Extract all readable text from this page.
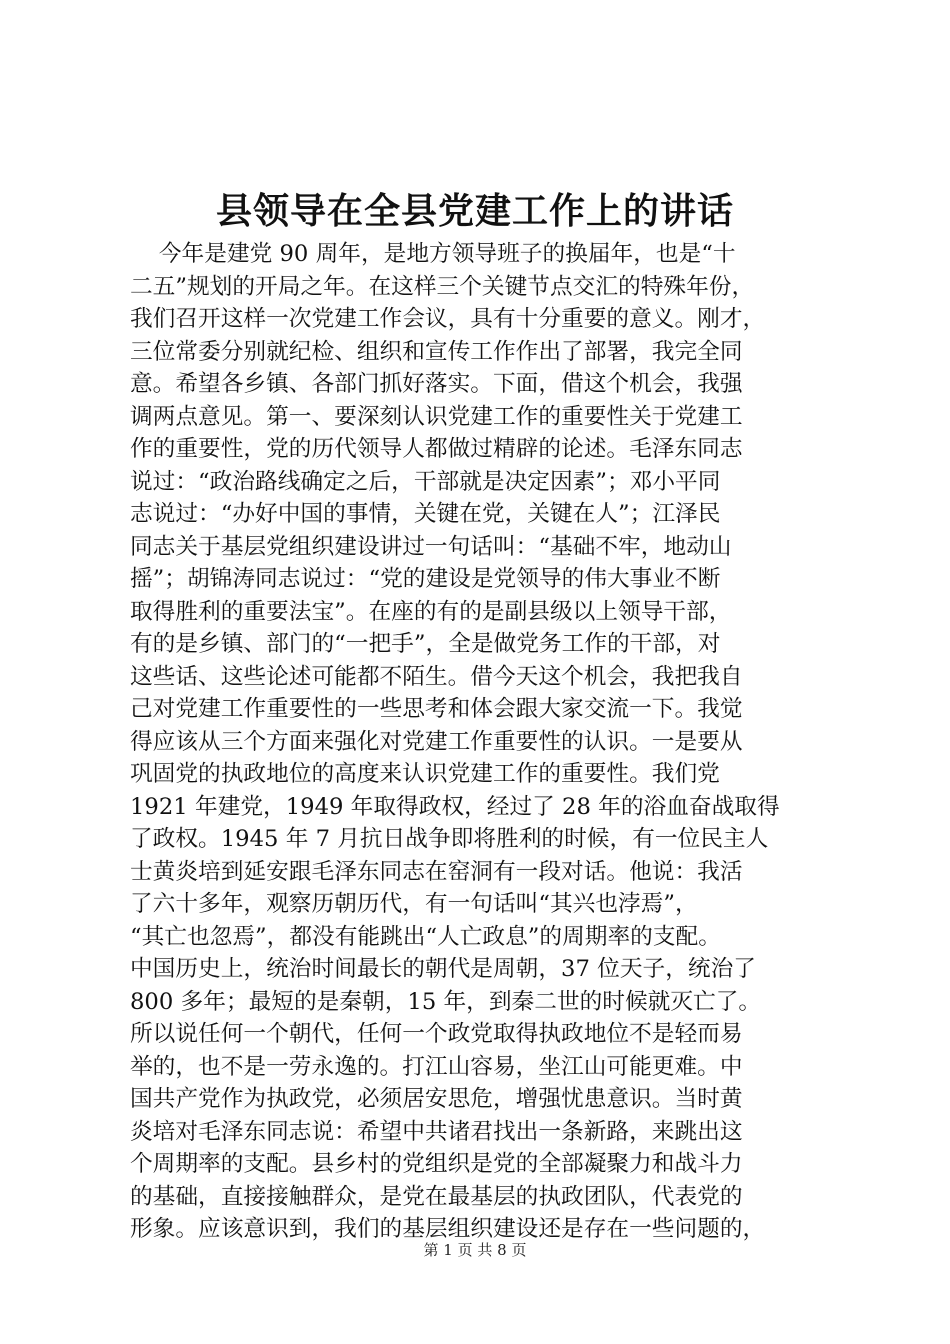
县领导在全县党建工作上的讲话
今年是建党 90 周年，是地方领导班子的换届年，也是“十
二五”规划的开局之年。在这样三个关键节点交汇的特殊年份，
我们召开这样一次党建工作会议，具有十分重要的意义。刚才，
三位常委分别就纪检、组织和宣传工作作出了部署，我完全同
意。希望各乡镇、各部门抓好落实。下面，借这个机会，我强
调两点意见。第一、要深刻认识党建工作的重要性关于党建工
作的重要性，党的历代领导人都做过精辟的论述。毛泽东同志
说过：“政治路线确定之后，干部就是决定因素”；邓小平同
志说过：“办好中国的事情，关键在党，关键在人”；江泽民
同志关于基层党组织建设讲过一句话叫：“基础不牢，地动山
摇”；胡锦涛同志说过：“党的建设是党领导的伟大事业不断
取得胜利的重要法宝”。在座的有的是副县级以上领导干部，
有的是乡镇、部门的“一把手”，全是做党务工作的干部，对
这些话、这些论述可能都不陌生。借今天这个机会，我把我自
己对党建工作重要性的一些思考和体会跟大家交流一下。我觉
得应该从三个方面来强化对党建工作重要性的认识。一是要从
巩固党的执政地位的高度来认识党建工作的重要性。我们党
1921 年建党，1949 年取得政权，经过了 28 年的浴血奋战取得
了政权。1945 年 7 月抗日战争即将胜利的时候，有一位民主人
士黄炎培到延安跟毛泽东同志在窑洞有一段对话。他说：我活
了六十多年，观察历朝历代，有一句话叫“其兴也浡焉”，
“其亡也忽焉”，都没有能跳出“人亡政息”的周期率的支配。
中国历史上，统治时间最长的朝代是周朝，37 位天子，统治了
800 多年；最短的是秦朝，15 年，到秦二世的时候就灭亡了。
所以说任何一个朝代，任何一个政党取得执政地位不是轻而易
举的，也不是一劳永逸的。打江山容易，坐江山可能更难。中
国共产党作为执政党，必须居安思危，增强忧患意识。当时黄
炎培对毛泽东同志说：希望中共诸君找出一条新路，来跳出这
个周期率的支配。县乡村的党组织是党的全部凝聚力和战斗力
的基础，直接接触群众，是党在最基层的执政团队，代表党的
形象。应该意识到，我们的基层组织建设还是存在一些问题的，
第 1 页 共 8 页
